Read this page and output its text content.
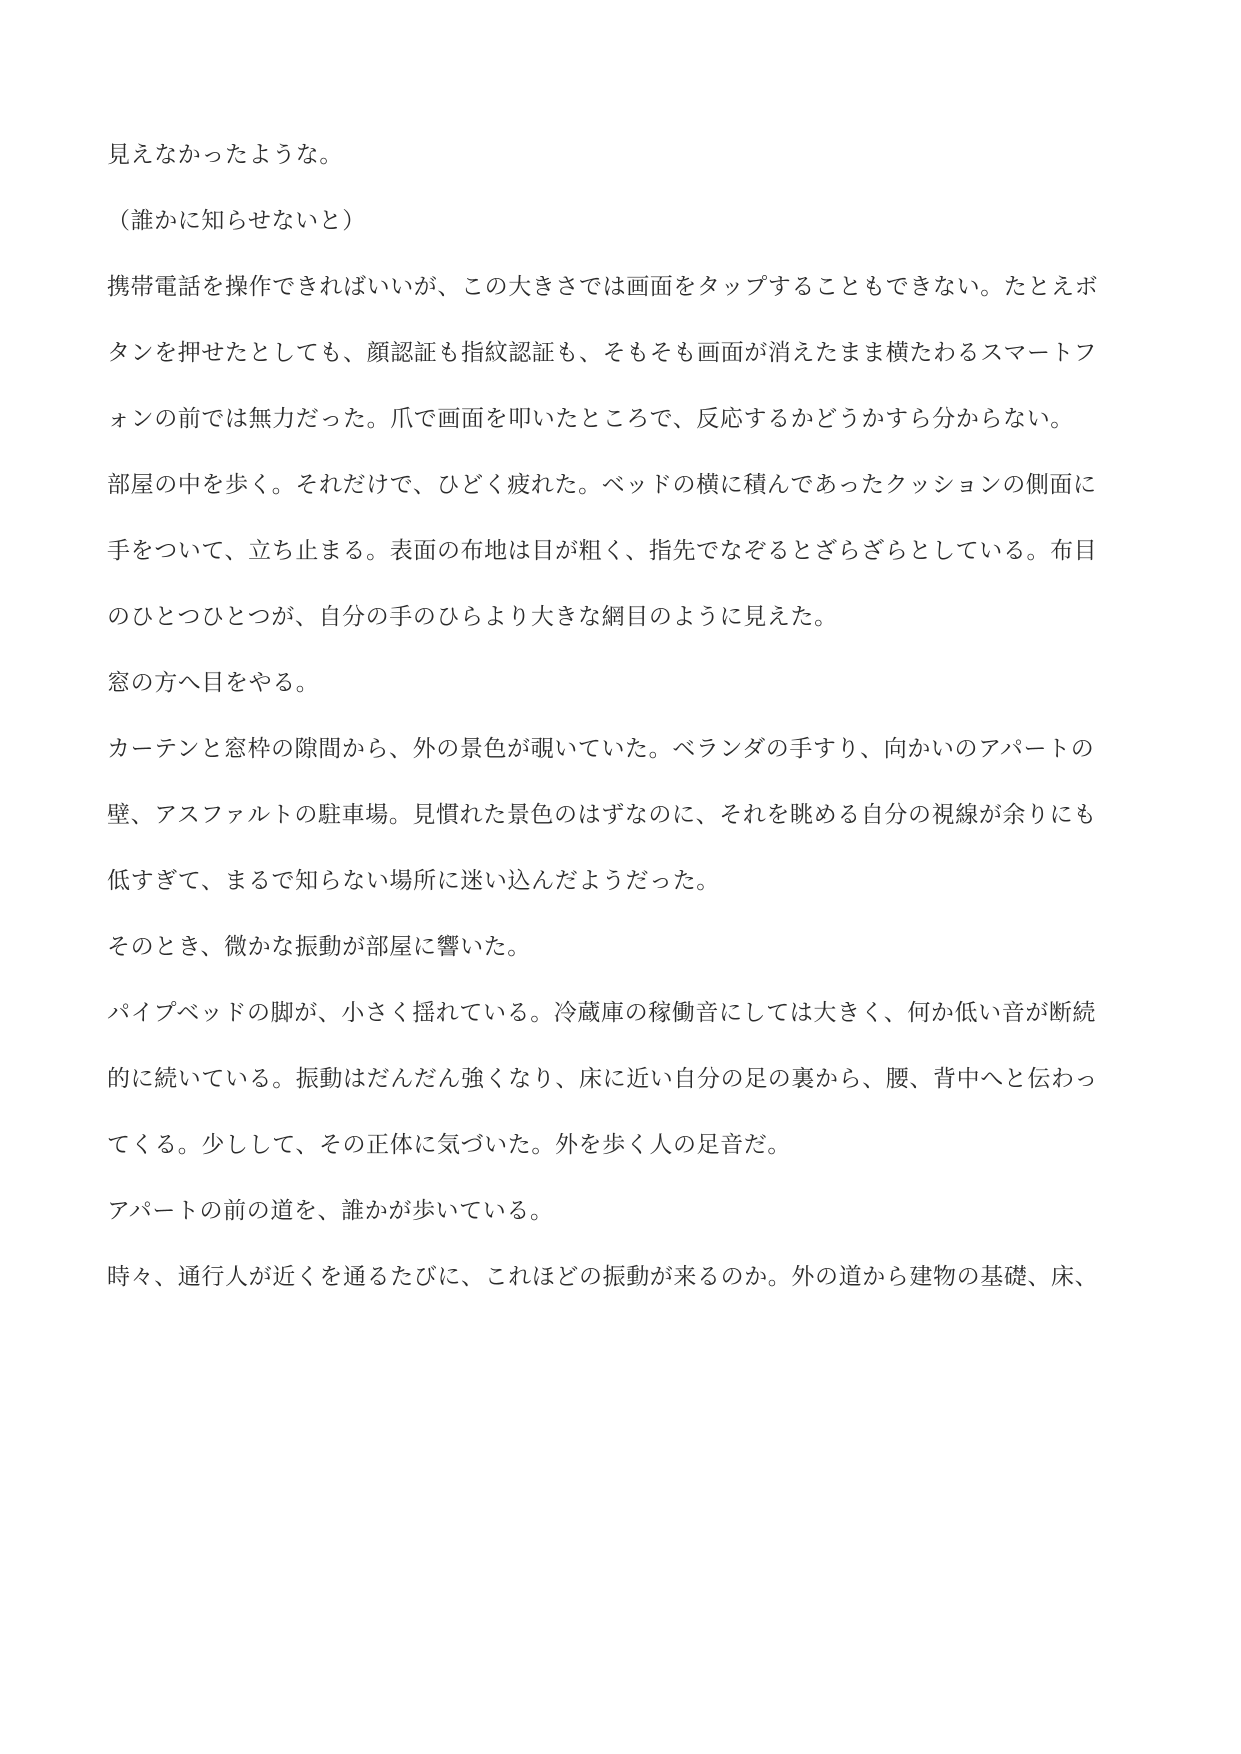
見えなかったような。

（誰かに知らせないと）

携帯電話を操作できればいいが、この大きさでは画面をタップすることもできない。たとえボ
タンを押せたとしても、顔認証も指紋認証も、そもそも画面が消えたまま横たわるスマートフ
ォンの前では無力だった。爪で画面を叩いたところで、反応するかどうかすら分からない。

部屋の中を歩く。それだけで、ひどく疲れた。ベッドの横に積んであったクッションの側面に
手をついて、立ち止まる。表面の布地は目が粗く、指先でなぞるとざらざらとしている。布目
のひとつひとつが、自分の手のひらより大きな網目のように見えた。

窓の方へ目をやる。

カーテンと窓枠の隙間から、外の景色が覗いていた。ベランダの手すり、向かいのアパートの
壁、アスファルトの駐車場。見慣れた景色のはずなのに、それを眺める自分の視線が余りにも
低すぎて、まるで知らない場所に迷い込んだようだった。

そのとき、微かな振動が部屋に響いた。

パイプベッドの脚が、小さく揺れている。冷蔵庫の稼働音にしては大きく、何か低い音が断続
的に続いている。振動はだんだん強くなり、床に近い自分の足の裏から、腰、背中へと伝わっ
てくる。少しして、その正体に気づいた。外を歩く人の足音だ。

アパートの前の道を、誰かが歩いている。

時々、通行人が近くを通るたびに、これほどの振動が来るのか。外の道から建物の基礎、床、
